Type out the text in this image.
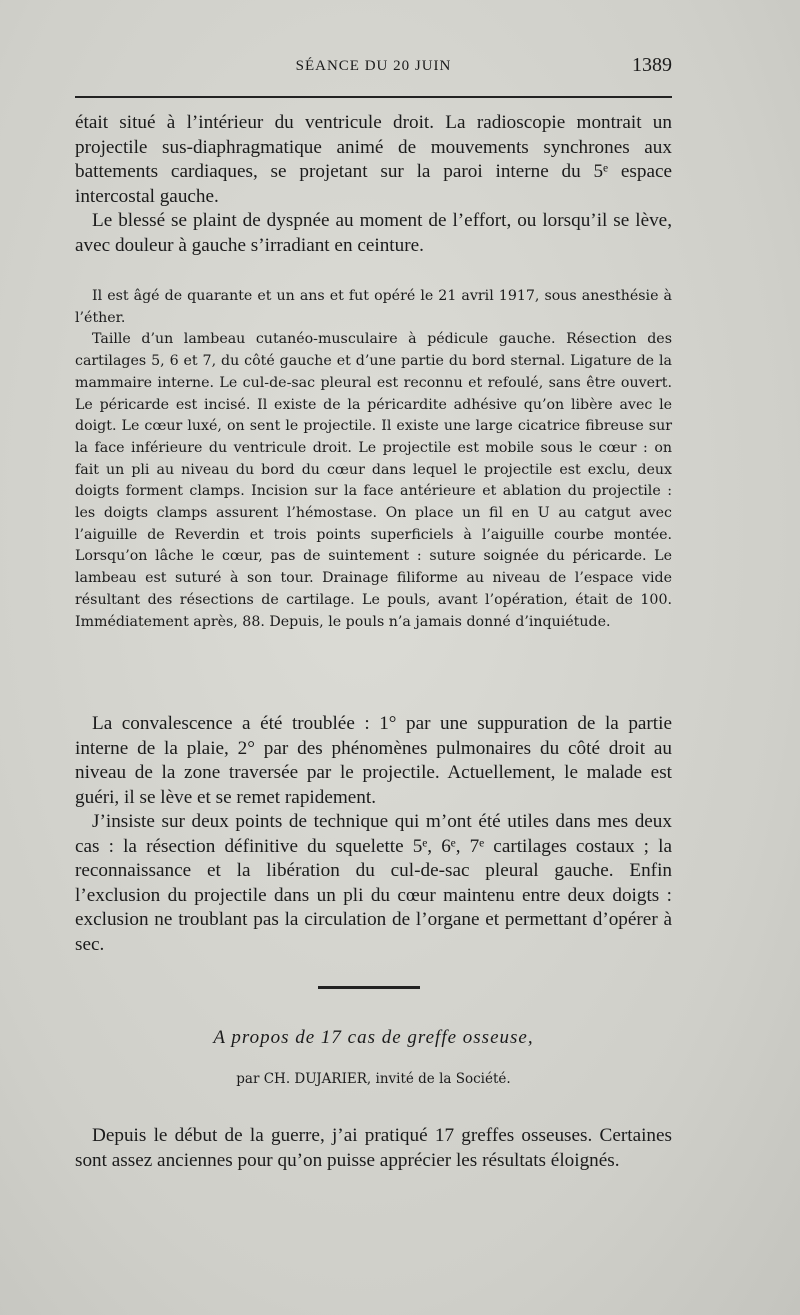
SÉANCE DU 20 JUIN	1389

était situé à l’intérieur du ventricule droit. La radioscopie montrait un projectile sus-diaphragmatique animé de mouvements synchrones aux battements cardiaques, se projetant sur la paroi interne du 5ᵉ espace intercostal gauche.

Le blessé se plaint de dyspnée au moment de l’effort, ou lorsqu’il se lève, avec douleur à gauche s’irradiant en ceinture.

Il est âgé de quarante et un ans et fut opéré le 21 avril 1917, sous anesthésie à l’éther.

Taille d’un lambeau cutanéo-musculaire à pédicule gauche. Résection des cartilages 5, 6 et 7, du côté gauche et d’une partie du bord sternal. Ligature de la mammaire interne. Le cul-de-sac pleural est reconnu et refoulé, sans être ouvert. Le péricarde est incisé. Il existe de la péricardite adhésive qu’on libère avec le doigt. Le cœur luxé, on sent le projectile. Il existe une large cicatrice fibreuse sur la face inférieure du ventricule droit. Le projectile est mobile sous le cœur : on fait un pli au niveau du bord du cœur dans lequel le projectile est exclu, deux doigts forment clamps. Incision sur la face antérieure et ablation du projectile : les doigts clamps assurent l’hémostase. On place un fil en U au catgut avec l’aiguille de Reverdin et trois points superficiels à l’aiguille courbe montée. Lorsqu’on lâche le cœur, pas de suintement : suture soignée du péricarde. Le lambeau est suturé à son tour. Drainage filiforme au niveau de l’espace vide résultant des résections de cartilage. Le pouls, avant l’opération, était de 100. Immédiatement après, 88. Depuis, le pouls n’a jamais donné d’inquiétude.

La convalescence a été troublée : 1° par une suppuration de la partie interne de la plaie, 2° par des phénomènes pulmonaires du côté droit au niveau de la zone traversée par le projectile. Actuellement, le malade est guéri, il se lève et se remet rapidement.

J’insiste sur deux points de technique qui m’ont été utiles dans mes deux cas : la résection définitive du squelette 5ᵉ, 6ᵉ, 7ᵉ cartilages costaux ; la reconnaissance et la libération du cul-de-sac pleural gauche. Enfin l’exclusion du projectile dans un pli du cœur maintenu entre deux doigts : exclusion ne troublant pas la circulation de l’organe et permettant d’opérer à sec.

A propos de 17 cas de greffe osseuse,
par CH. DUJARIER, invité de la Société.

Depuis le début de la guerre, j’ai pratiqué 17 greffes osseuses. Certaines sont assez anciennes pour qu’on puisse apprécier les résultats éloignés.
